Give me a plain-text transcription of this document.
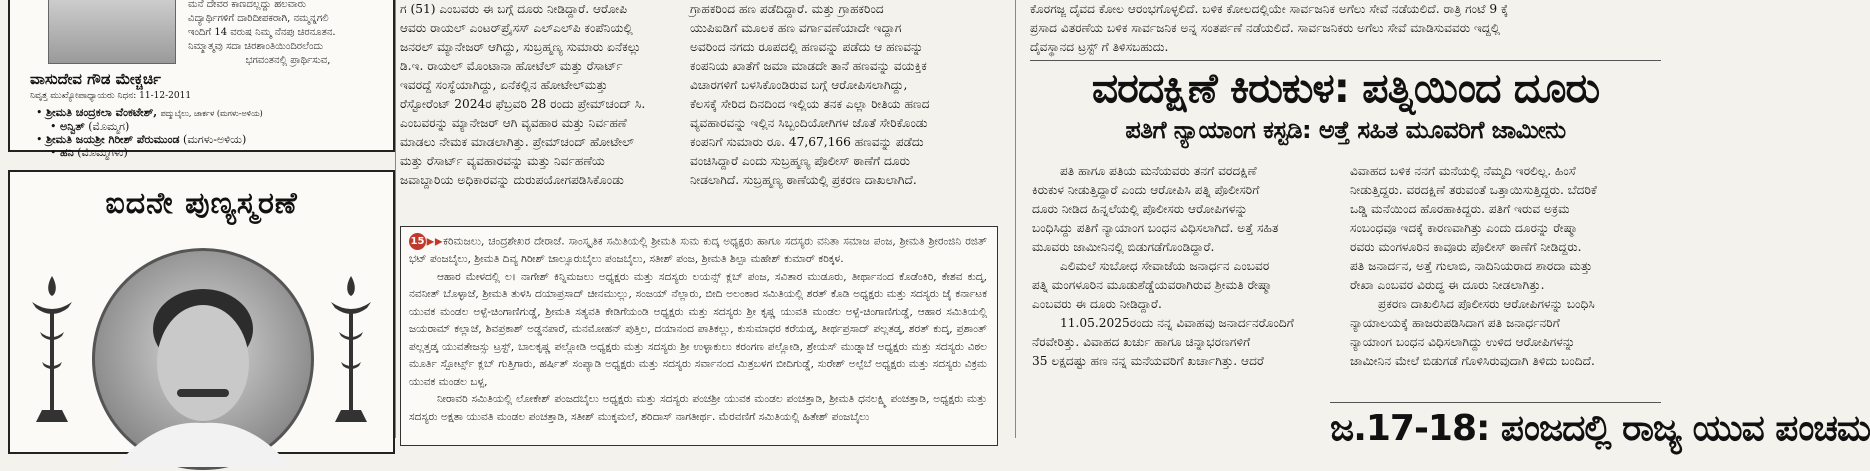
ಮನೆ ದೇವರ ಕಾಣದಲ್ಲದ್ದು ಹಲವಾರು
ವಿದ್ಯಾರ್ಥಿಗಳಿಗೆ ದಾರಿದೀಪಕರಾಗಿ, ನಮ್ಮನ್ನಗಲಿ
ಇಂದಿಗೆ 14 ವರುಷ ನಿಮ್ಮ ನೆನಪು ಚಿರನೂತನ.
ನಿಮ್ಮಾತ್ಮವು ಸದಾ ಚಿರಶಾಂತಿಯಿಂದಿರಲೆಂದು
ಭಗವಂತನಲ್ಲಿ ಪ್ರಾರ್ಥಿಸುವ,
ವಾಸುದೇವ ಗೌಡ ಮೇಕ್ಚರ್ಚಿ
ನಿವೃತ್ತ ಮುಖ್ಯೋಪಾಧ್ಯಾಯರು ನಿಧನ: 11-12-2011
• ಶ್ರೀಮತಿ ಚಂದ್ರಕಲಾ ವೆಂಕಟೇಶ್, ಪದ್ಮುಬೈಲು, ಜಾರ್ಕಳ (ಮಗಳು-ಅಳಿಯ)
• ಅನ್ವಿತ್ (ಮೊಮ್ಮಗ)
• ಶ್ರೀಮತಿ ಜಯಶ್ರೀ ಗಿರೀಶ್ ಪೆರುಮುಂಡ (ಮಗಳು-ಅಳಿಯ)
• ಹನಿ (ಮೊಮ್ಮಗಳು)
ಐದನೇ ಪುಣ್ಯಸ್ಮರಣೆ

ಗ (51) ಎಂಬವರು ಈ ಬಗ್ಗೆ ದೂರು ನೀಡಿದ್ದಾರೆ. ಆರೋಪಿ

ಆವರು ರಾಯಲ್ ಎಂಟರ್‌ಪ್ರೈಸಸ್ ಎಲ್‌ಎಲ್‌ಪಿ ಕಂಪೆನಿಯಲ್ಲಿ

ಜನರಲ್ ಮ್ಯಾನೇಜರ್ ಆಗಿದ್ದು, ಸುಬ್ರಹ್ಮಣ್ಯ ಸುಮಾರು ಏನೆಕಲ್ಲು

ಡಿ.ಇ. ರಾಯಲ್ ಮೊಂಟಾನಾ ಹೋಟೆಲ್ ಮತ್ತು ರೆಸಾರ್ಟ್

ಇವರದ್ದೆ ಸಂಸ್ಥೆಯಾಗಿದ್ದು, ಏನೆಕಲ್ಲಿನ ಹೋಟೇಲ್‌ಮತ್ತು

ರೆಸ್ಟೋರೆಂಟ್ 2024ರ ಫೆಬ್ರವರಿ 28 ರಂದು ಪ್ರೇಮ್‌ಚಂದ್ ಸಿ.

ಎಂಬವರನ್ನು ಮ್ಯಾನೇಜರ್ ಆಗಿ ವ್ಯವಹಾರ ಮತ್ತು ನಿರ್ವಹಣೆ

ಮಾಡಲು ನೇಮಕ ಮಾಡಲಾಗಿತ್ತು. ಪ್ರೇಮ್‌ಚಂದ್ ಹೋಟೇಲ್

ಮತ್ತು ರೆಸಾರ್ಟ್ ವ್ಯವಹಾರವನ್ನು ಮತ್ತು ನಿರ್ವಹಣೆಯ

ಜವಾಬ್ದಾರಿಯ ಅಧಿಕಾರವನ್ನು ದುರುಪಯೋಗಪಡಿಸಿಕೊಂಡು

ಗ್ರಾಹಕರಿಂದ ಹಣ ಪಡೆದಿದ್ದಾರೆ. ಮತ್ತು ಗ್ರಾಹಕರಿಂದ

ಯುಪಿಐಡಿಗೆ ಮೂಲಕ ಹಣ ವರ್ಗಾವಣೆಯಾದೇ ಇದ್ದಾಗ

ಅವರಿಂದ ನಗದು ರೂಪದಲ್ಲಿ ಹಣವನ್ನು ಪಡೆದು ಆ ಹಣವನ್ನು

ಕಂಪನಿಯ ಖಾತೆಗೆ ಜಮಾ ಮಾಡದೇ ತಾನೆ ಹಣವನ್ನು ವಯಕ್ತಿಕ

ವಿಚಾರಗಳಿಗೆ ಬಳಸಿಕೊಂಡಿರುವ ಬಗ್ಗೆ ಆರೋಪಿಸಲಾಗಿದ್ದು,

ಕೆಲಸಕ್ಕೆ ಸೇರಿದ ದಿನದಿಂದ ಇಲ್ಲಿಯ ತನಕ ಎಲ್ಲಾ ರೀತಿಯ ಹಣದ

ವ್ಯವಹಾರವನ್ನು ಇಲ್ಲಿನ ಸಿಬ್ಬಂದಿಯೋಗಿಗಳ ಜೊತೆ ಸೇರಿಕೊಂಡು

ಕಂಪನಿಗೆ ಸುಮಾರು ರೂ. 47,67,166 ಹಣವನ್ನು ಪಡೆದು

ವಂಚಿಸಿದ್ದಾರೆ ಎಂದು ಸುಬ್ರಹ್ಮಣ್ಯ ಪೊಲೀಸ್ ಠಾಣೆಗೆ ದೂರು

ನೀಡಲಾಗಿದೆ. ಸುಬ್ರಹ್ಮಣ್ಯ ಠಾಣೆಯಲ್ಲಿ ಪ್ರಕರಣ ದಾಖಲಾಗಿದೆ.

15 ▶▶ಕರಿಮಜಲು, ಚಂದ್ರಶೇಖರ ದೇರಾಜೆ. ಸಾಂಸ್ಕೃತಿಕ ಸಮಿತಿಯಲ್ಲಿ ಶ್ರೀಮತಿ ಸುಮ ಕುದ್ಕ ಅಧ್ಯಕ್ಷರು ಹಾಗೂ ಸದಸ್ಯರು ವನಿತಾ ಸಮಾಜ ಪಂಜ, ಶ್ರೀಮತಿ ಶ್ರೀರಂಜಿನಿ ರಜಿತ್ ಭಟ್ ಪಂಜಬೈಲು, ಶ್ರೀಮತಿ ದಿವ್ಯ ಗಿರೀಶ್ ಜಾಲ್ಸೂರುಬೈಲು ಪಂಜಬೈಲು, ಸತೀಶ್ ಪಂಜ, ಶ್ರೀಮತಿ ಶಿಲ್ಪಾ ಮಹೇಶ್ ಕುಮಾರ್ ಕರಿಕ್ಕಳ.

ಆಹಾರ ಮೇಳದಲ್ಲಿ ಲ। ನಾಗೇಶ್ ಕಿನ್ನಿಮಜಲು ಅಧ್ಯಕ್ಷರು ಮತ್ತು ಸದಸ್ಯರು ಲಯನ್ಸ್ ಕ್ಲಬ್ ಪಂಜ, ಸವಿತಾರ ಮುಡೂರು, ತೀರ್ಥಾನಂದ ಕೊಡೆಂಕಿರಿ, ಕೇಶವ ಕುದ್ಕ, ನವನೀತ್ ಬೊಳ್ಳಾಜೆ, ಶ್ರೀಮತಿ ತುಳಸಿ ದಯಾಪ್ರಸಾದ್ ಚೀನಮುಲ್ಲು, ಸಂಜಯ್ ನೆಲ್ಲಾರು, ಬೀದಿ ಅಲಂಕಾರ ಸಮಿತಿಯಲ್ಲಿ ಶರತ್ ಕೊಡಿ ಅಧ್ಯಕ್ಷರು ಮತ್ತು ಸದಸ್ಯರು ಜೈ ಕರ್ನಾಟಕ ಯುವಕ ಮಂಡಲ ಅಳ್ಪೆ-ಚಿಂಗಾಣಿಗುಡ್ಡೆ, ಶ್ರೀಮತಿ ಸತ್ಯವತಿ ಕೇಡಿಗೆಯಂಡಿ ಅಧ್ಯಕ್ಷರು ಮತ್ತು ಸದಸ್ಯರು ಶ್ರೀ ಕೃಷ್ಣ ಯುವತಿ ಮಂಡಲ ಅಳ್ಪೆ-ಚಿಂಗಾಣಿಗುಡ್ಡೆ, ಆಹಾರ ಸಮಿತಿಯಲ್ಲಿ ಜಯರಾಮ್ ಕಲ್ಲಾಜೆ, ಶಿವಪ್ರಕಾಶ್ ಅಡ್ಡನಪಾರೆ, ಮನಮೋಹನ್ ಪುತ್ತಿಲ, ದಯಾನಂದ ಪಾತಿಕಲ್ಲು, ಕುಸುಮಾಧರ ಕರೆಯಡ್ಕ, ತೀರ್ಥಪ್ರಸಾದ್ ಪಲ್ಲತಡ್ಕ, ಶರತ್ ಕುದ್ಕ, ಪ್ರಶಾಂತ್ ಪಲ್ಲತ್ತಡ್ಕ ಯುವತೇಜಸ್ಸು ಟ್ರಸ್ಟ್, ಬಾಲಕೃಷ್ಣ ಪಲ್ಲೋಡಿ ಅಧ್ಯಕ್ಷರು ಮತ್ತು ಸದಸ್ಯರು ಶ್ರೀ ಉಳ್ಳಾಕುಲು ಕರಂಗಣ ಪಲ್ಲೋಡಿ, ಶ್ರೇಯಸ್ ಮುಡ್ನಾಜೆ ಅಧ್ಯಕ್ಷರು ಮತ್ತು ಸದಸ್ಯರು ವಿಠಲ ಮೂರ್ತಿ ಸ್ಪೋರ್ಟ್ಸ್ ಕ್ಲಬ್ ಗುತ್ತಿಗಾರು, ಹರ್ಷಿತ್ ಸಂಪ್ಯಾಡಿ ಅಧ್ಯಕ್ಷರು ಮತ್ತು ಸದಸ್ಯರು ಸರ್ವಾನಂದ ಮಿತ್ರಬಳಗ ಬೀದಿಗುಡ್ಡೆ, ಸುರೇಶ್ ಅಲ್ಪೆಬೆ ಅಧ್ಯಕ್ಷರು ಮತ್ತು ಸದಸ್ಯರು ವಿಕ್ರಮ ಯುವಕ ಮಂಡಲ ಬಳ್ಪ,

ನೀರಾವರಿ ಸಮಿತಿಯಲ್ಲಿ ಲೋಕೇಶ್ ಪಂಜದಬೈಲು ಅಧ್ಯಕ್ಷರು ಮತ್ತು ಸದಸ್ಯರು ಪಂಚಶ್ರೀ ಯುವಕ ಮಂಡಲ ಪಂಚತ್ತಾಡಿ, ಶ್ರೀಮತಿ ಧನಲಕ್ಷ್ಮಿ ಪಂಚತ್ತಾಡಿ, ಅಧ್ಯಕ್ಷರು ಮತ್ತು ಸದಸ್ಯರು ಅಕ್ಷತಾ ಯುವತಿ ಮಂಡಲ ಪಂಚತ್ತಾಡಿ, ಸತೀಶ್ ಮುಕ್ಕಮಲೆ, ಶರಿದಾಸ್ ನಾಗತೀರ್ಥ. ಮೆರವಣಿಗೆ ಸಮಿತಿಯಲ್ಲಿ ಹಿತೇಶ್ ಪಂಜಬೈಲು

ಕೊರಗಜ್ಜ ದೈವದ ಕೋಲ ಆರಂಭಗೊಳ್ಳಲಿದೆ. ಬಳಿಕ ಕೋಲದಲ್ಲಿಯೇ ಸಾರ್ವಜನಿಕ ಅಗೆಲು ಸೇವೆ ನಡೆಯಲಿದೆ. ರಾತ್ರಿ ಗಂಟೆ 9 ಕ್ಕೆ
ಪ್ರಸಾದ ವಿತರಣೆಯ ಬಳಿಕ ಸಾರ್ವಜನಿಕ ಅನ್ನ ಸಂತರ್ಪಣೆ ನಡೆಯಲಿದೆ. ಸಾರ್ವಜನಿಕರು ಅಗೆಲು ಸೇವೆ ಮಾಡಿಸುವವರು ಇದ್ದಲ್ಲಿ
ದೈವಸ್ಥಾನದ ಟ್ರಸ್ಟ್ ಗೆ ತಿಳಿಸಬಹುದು.
ವರದಕ್ಷಿಣೆ ಕಿರುಕುಳ: ಪತ್ನಿಯಿಂದ ದೂರು
ಪತಿಗೆ ನ್ಯಾಯಾಂಗ ಕಸ್ಟಡಿ: ಅತ್ತೆ ಸಹಿತ ಮೂವರಿಗೆ ಜಾಮೀನು
ಪತಿ ಹಾಗೂ ಪತಿಯ ಮನೆಯವರು ತನಗೆ ವರದಕ್ಷಿಣೆ
ಕಿರುಕುಳ ನೀಡುತ್ತಿದ್ದಾರೆ ಎಂದು ಆರೋಪಿಸಿ ಪತ್ನಿ ಪೊಲೀಸರಿಗೆ
ದೂರು ನೀಡಿದ ಹಿನ್ನಲೆಯಲ್ಲಿ ಪೊಲೀಸರು ಆರೋಪಿಗಳನ್ನು
ಬಂಧಿಸಿದ್ದು ಪತಿಗೆ ನ್ಯಾಯಾಂಗ ಬಂಧನ ವಿಧಿಸಲಾಗಿದೆ. ಅತ್ತೆ ಸಹಿತ
ಮೂವರು ಜಾಮೀನಿನಲ್ಲಿ ಬಿಡುಗಡೆಗೊಂಡಿದ್ದಾರೆ.
ಎಲಿಮಲೆ ಸುಬೋಧ ಸೇವಾಜೆಯ ಜನಾರ್ಧನ ಎಂಬವರ
ಪತ್ನಿ ಮಂಗಳೂರಿನ ಮೂಡುಶೆಡ್ಡೆಯವರಾಗಿರುವ ಶ್ರೀಮತಿ ರೇಷ್ಮಾ
ಎಂಬವರು ಈ ದೂರು ನೀಡಿದ್ದಾರೆ.
11.05.2025ರಂದು ನನ್ನ ವಿವಾಹವು ಜನಾರ್ದನರೊಂದಿಗೆ
ನೆರವೇರಿತ್ತು. ವಿವಾಹದ ಖರ್ಚು ಹಾಗೂ ಚಿನ್ನಾಭರಣಗಳಿಗೆ
35 ಲಕ್ಷದಷ್ಟು ಹಣ ನನ್ನ ಮನೆಯವರಿಗೆ ಖರ್ಚಾಗಿತ್ತು. ಆದರೆ
ವಿವಾಹದ ಬಳಿಕ ನನಗೆ ಮನೆಯಲ್ಲಿ ನೆಮ್ಮದಿ ಇರಲಿಲ್ಲ. ಹಿಂಸೆ
ನೀಡುತ್ತಿದ್ದರು. ವರದಕ್ಷಿಣೆ ತರುವಂತೆ ಒತ್ತಾಯಿಸುತ್ತಿದ್ದರು. ಬೆದರಿಕೆ
ಒಡ್ಡಿ ಮನೆಯಿಂದ ಹೊರಹಾಕಿದ್ದರು. ಪತಿಗೆ ಇರುವ ಅಕ್ರಮ
ಸಂಬಂಧವೂ ಇದಕ್ಕೆ ಕಾರಣವಾಗಿತ್ತು ಎಂದು ದೂರನ್ನು ರೇಷ್ಮಾ
ರವರು ಮಂಗಳೂರಿನ ಕಾವೂರು ಪೊಲೀಸ್ ಠಾಣೆಗೆ ನೀಡಿದ್ದರು.
ಪತಿ ಜನಾರ್ದನ, ಅತ್ತೆ ಗುಲಾಬಿ, ನಾದಿನಿಯರಾದ ಶಾರದಾ ಮತ್ತು
ರೇಖಾ ಎಂಬವರ ವಿರುದ್ಧ ಈ ದೂರು ನೀಡಲಾಗಿತ್ತು.
ಪ್ರಕರಣ ದಾಖಲಿಸಿದ ಪೊಲೀಸರು ಆರೋಪಿಗಳನ್ನು ಬಂಧಿಸಿ
ನ್ಯಾಯಾಲಯಕ್ಕೆ ಹಾಜರುಪಡಿಸಿದಾಗ ಪತಿ ಜನಾರ್ಧನರಿಗೆ
ನ್ಯಾಯಾಂಗ ಬಂಧನ ವಿಧಿಸಲಾಗಿದ್ದು ಉಳಿದ ಆರೋಪಿಗಳನ್ನು
ಜಾಮೀನಿನ ಮೇಲೆ ಬಿಡುಗಡೆ ಗೊಳಿಸಿರುವುದಾಗಿ ತಿಳಿದು ಬಂದಿದೆ.
ಜ.17-18: ಪಂಜದಲ್ಲಿ ರಾಜ್ಯ ಯುವ ಪಂಚಮ
